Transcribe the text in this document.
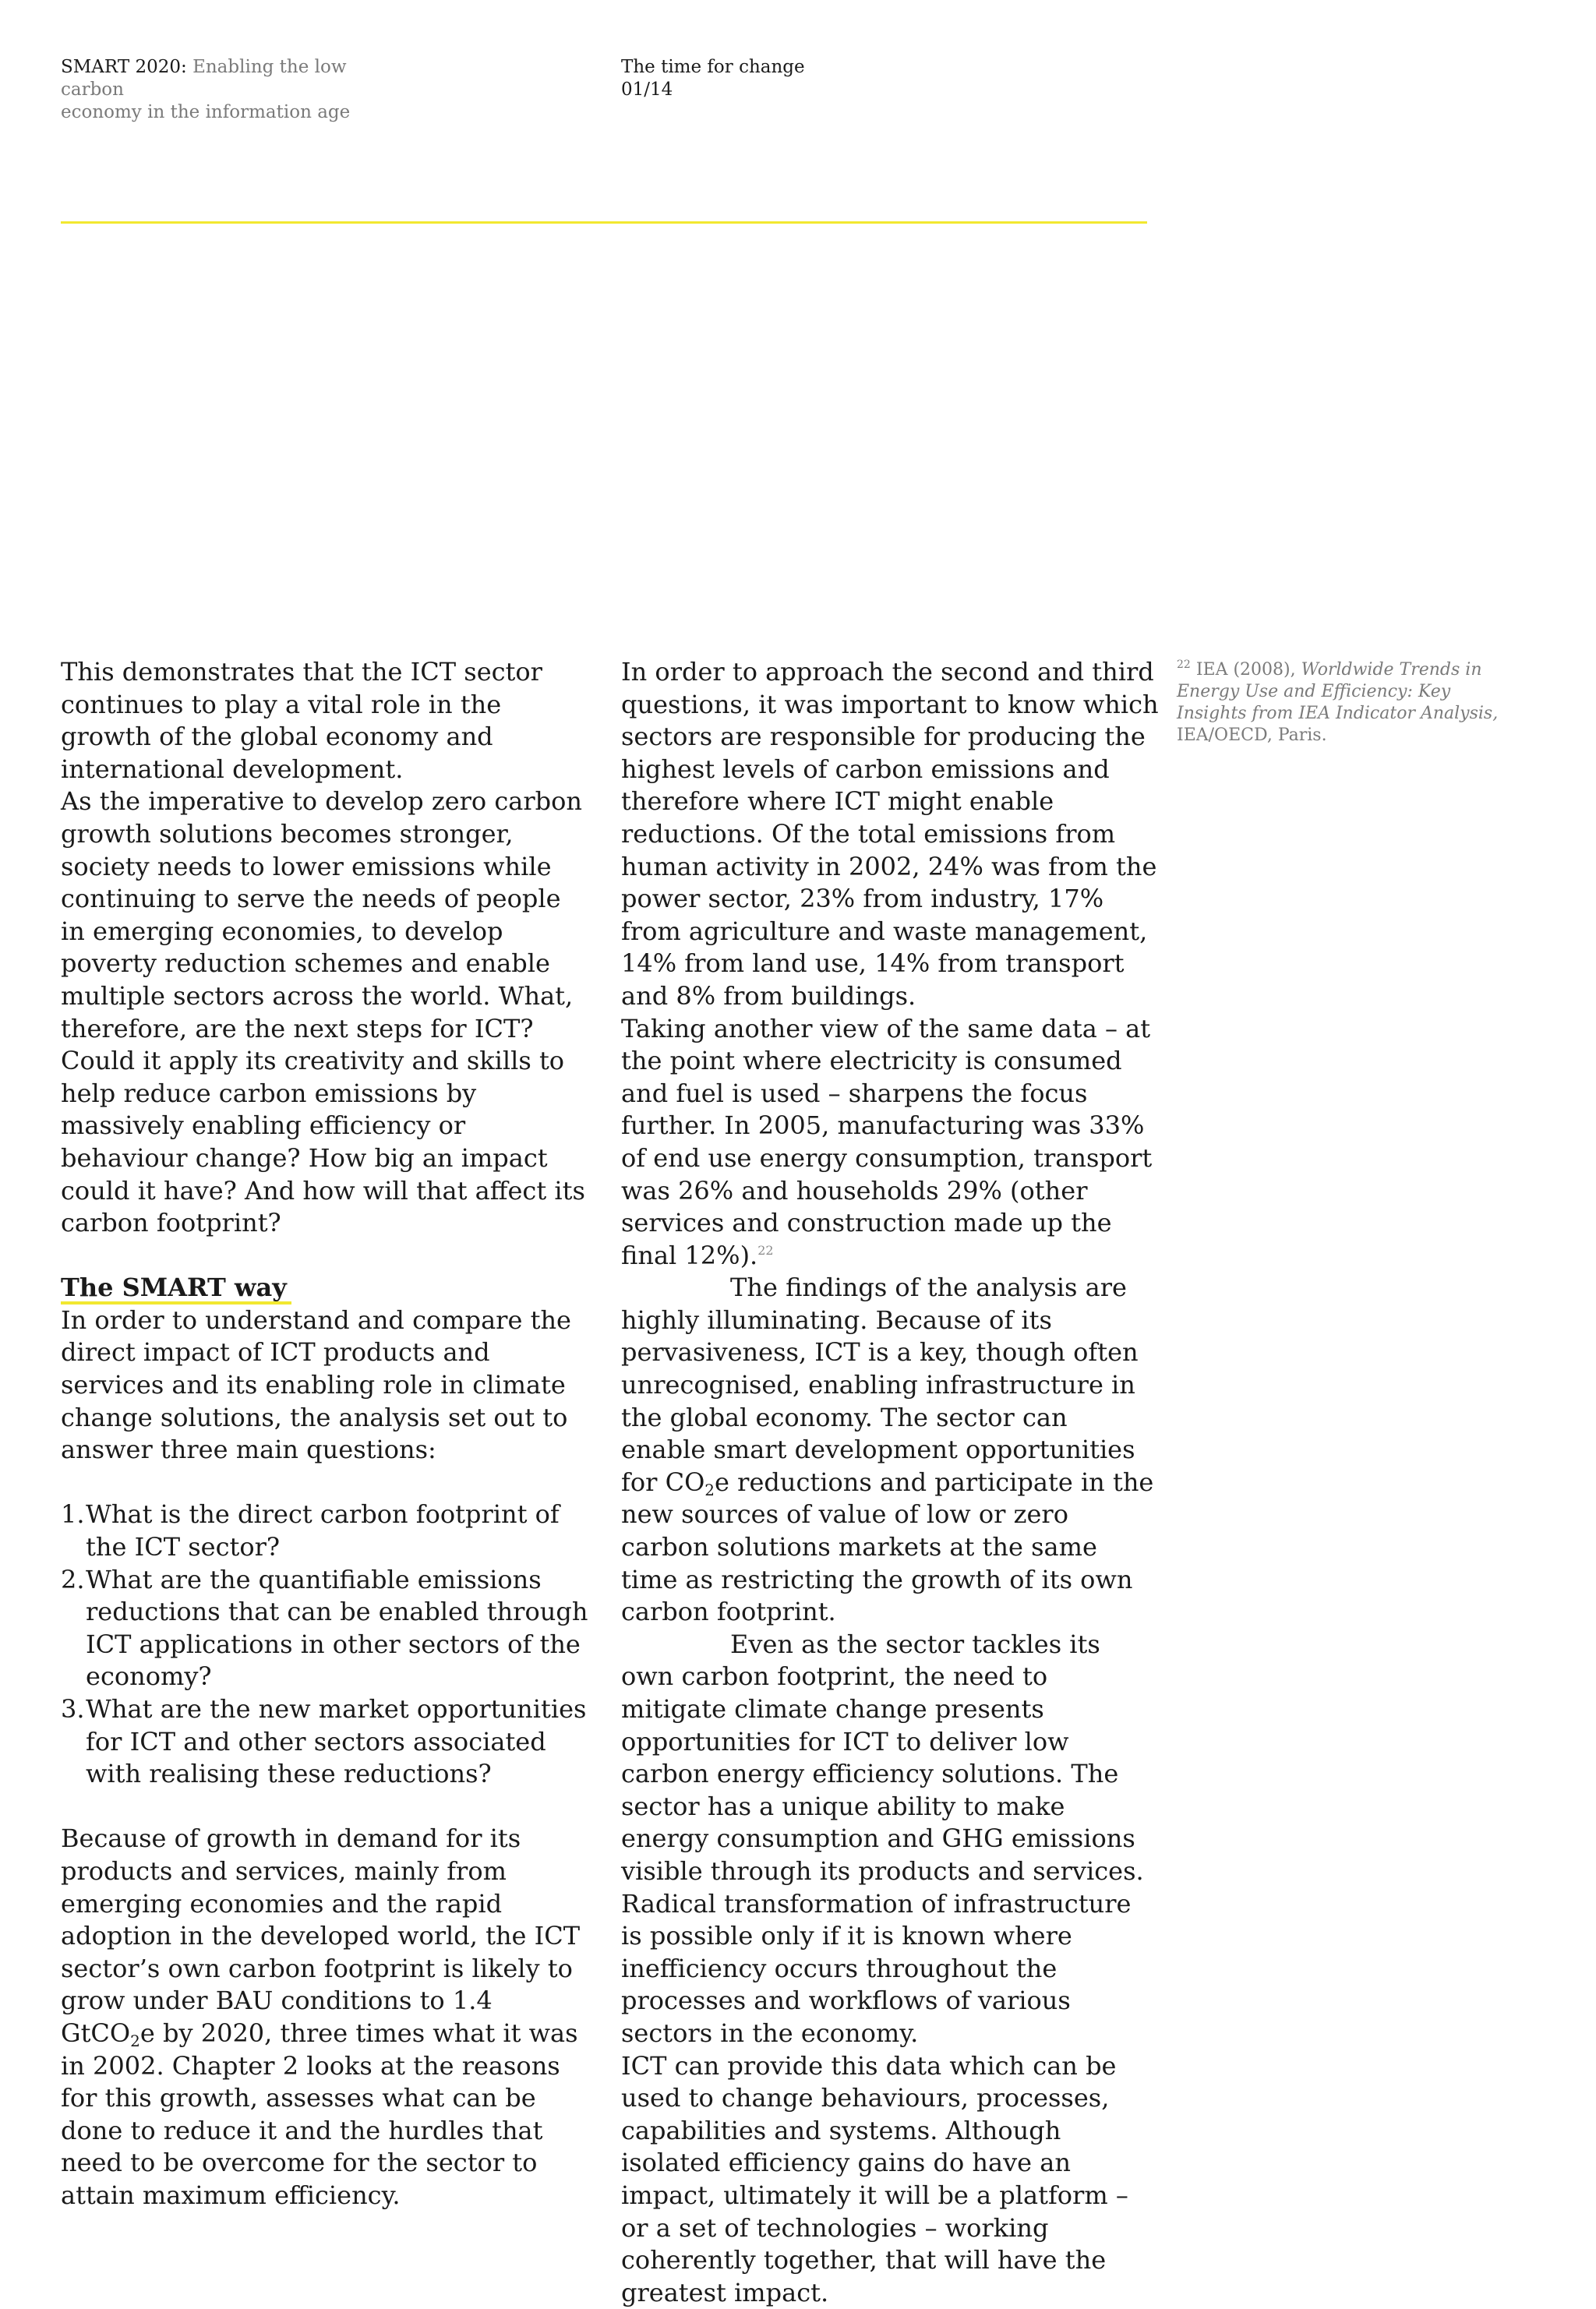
SMART 2020: Enabling the low carbon
economy in the information age
The time for change
01/14

This demonstrates that the ICT sector continues to play a vital role in the growth of the global economy and international development.

As the imperative to develop zero carbon growth solutions becomes stronger, society needs to lower emissions while continuing to serve the needs of people in emerging economies, to develop poverty reduction schemes and enable multiple sectors across the world. What, therefore, are the next steps for ICT? Could it apply its creativity and skills to help reduce carbon emissions by massively enabling efficiency or behaviour change? How big an impact could it have? And how will that affect its carbon footprint?

The SMART way

In order to understand and compare the direct impact of ICT products and services and its enabling role in climate change solutions, the analysis set out to answer three main questions:

1. What is the direct carbon footprint of the ICT sector?
2. What are the quantifiable emissions reductions that can be enabled through ICT applications in other sectors of the economy?
3. What are the new market opportunities for ICT and other sectors associated with realising these reductions?

Because of growth in demand for its products and services, mainly from emerging economies and the rapid adoption in the developed world, the ICT sector’s own carbon footprint is likely to grow under BAU conditions to 1.4 GtCO$_2$e by 2020, three times what it was in 2002. Chapter 2 looks at the reasons for this growth, assesses what can be done to reduce it and the hurdles that need to be overcome for the sector to attain maximum efficiency.

In order to approach the second and third questions, it was important to know which sectors are responsible for producing the highest levels of carbon emissions and therefore where ICT might enable reductions. Of the total emissions from human activity in 2002, 24% was from the power sector, 23% from industry, 17% from agriculture and waste management, 14% from land use, 14% from transport and 8% from buildings.

Taking another view of the same data – at the point where electricity is consumed and fuel is used – sharpens the focus further. In 2005, manufacturing was 33% of end use energy consumption, transport was 26% and households 29% (other services and construction made up the final 12%).$^{22}$

The findings of the analysis are highly illuminating. Because of its pervasiveness, ICT is a key, though often unrecognised, enabling infrastructure in the global economy. The sector can enable smart development opportunities for $CO_2e$ reductions and participate in the new sources of value of low or zero carbon solutions markets at the same time as restricting the growth of its own carbon footprint.

Even as the sector tackles its own carbon footprint, the need to mitigate climate change presents opportunities for ICT to deliver low carbon energy efficiency solutions. The sector has a unique ability to make energy consumption and GHG emissions visible through its products and services. Radical transformation of infrastructure is possible only if it is known where inefficiency occurs throughout the processes and workflows of various sectors in the economy.

ICT can provide this data which can be used to change behaviours, processes, capabilities and systems. Although isolated efficiency gains do have an impact, ultimately it will be a platform – or a set of technologies – working coherently together, that will have the greatest impact.

$^{22}$ IEA (2008), Worldwide Trends in Energy Use and Efficiency: Key Insights from IEA Indicator Analysis, IEA/OECD, Paris.
